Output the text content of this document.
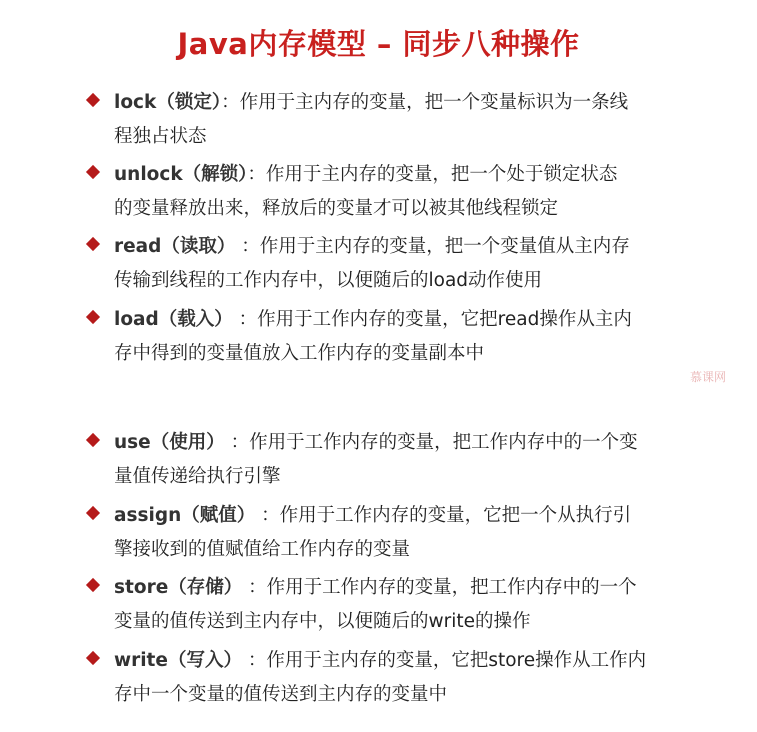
Java内存模型 – 同步八种操作
lock（锁定）：作用于主内存的变量，把一个变量标识为一条线
程独占状态
unlock（解锁）：作用于主内存的变量，把一个处于锁定状态
的变量释放出来，释放后的变量才可以被其他线程锁定
read（读取） ：作用于主内存的变量，把一个变量值从主内存
传输到线程的工作内存中，以便随后的load动作使用
load（载入） ：作用于工作内存的变量，它把read操作从主内
存中得到的变量值放入工作内存的变量副本中
use（使用） ：作用于工作内存的变量，把工作内存中的一个变
量值传递给执行引擎
assign（赋值） ：作用于工作内存的变量，它把一个从执行引
擎接收到的值赋值给工作内存的变量
store（存储） ：作用于工作内存的变量，把工作内存中的一个
变量的值传送到主内存中，以便随后的write的操作
write（写入） ：作用于主内存的变量，它把store操作从工作内
存中一个变量的值传送到主内存的变量中
慕课网
